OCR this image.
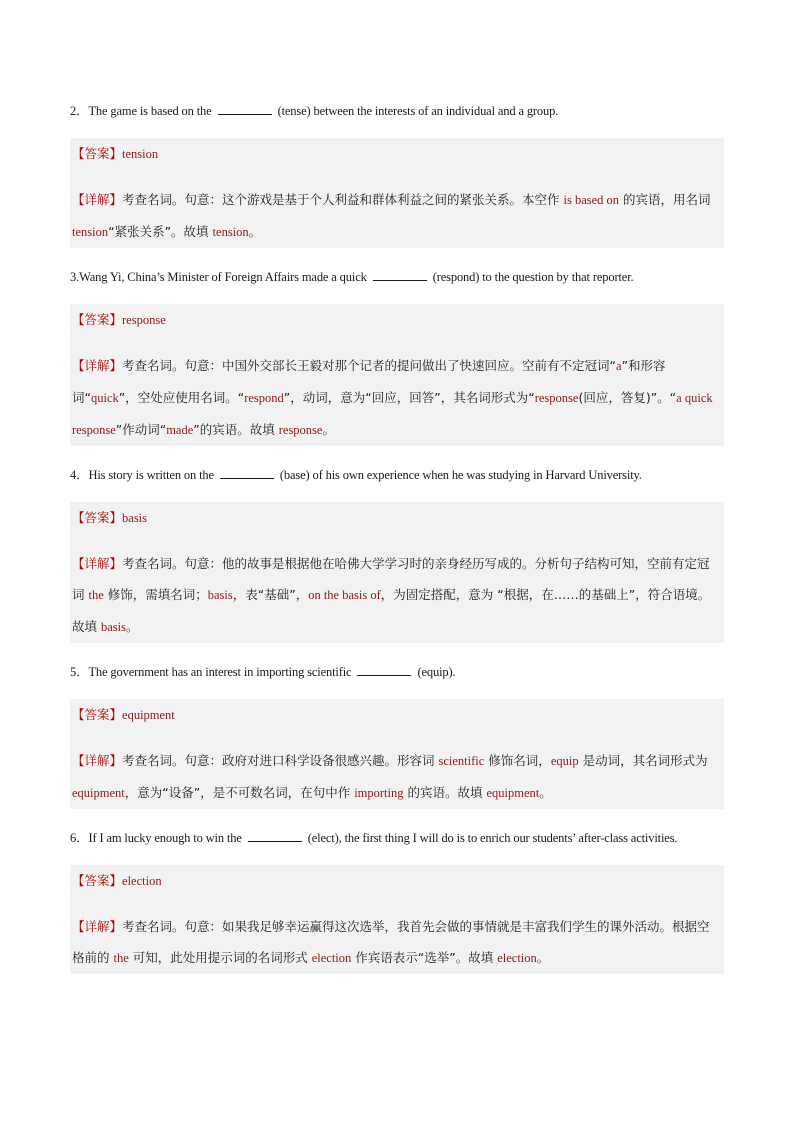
2．The game is based on the	(tense) between the interests of an individual and a group.

【答案】tension
【详解】考查名词。句意：这个游戏是基于个人利益和群体利益之间的紧张关系。本空作 is based on 的宾语，用名词 tension“紧张关系”。故填 tension。

3.Wang Yi, China’s Minister of Foreign Affairs made a quick	(respond) to the question by that reporter.

【答案】response
【详解】考查名词。句意：中国外交部长王毅对那个记者的提问做出了快速回应。空前有不定冠词“a”和形容词“quick”，空处应使用名词。“respond”，动词，意为“回应，回答”，其名词形式为“response(回应，答复)”。“a quick response”作动词“made”的宾语。故填 response。

4．His story is written on the	(base) of his own experience when he was studying in Harvard University.

【答案】basis
【详解】考查名词。句意：他的故事是根据他在哈佛大学学习时的亲身经历写成的。分析句子结构可知，空前有定冠词 the 修饰，需填名词；basis，表“基础”，on the basis of，为固定搭配，意为 “根据，在……的基础上”，符合语境。故填 basis。

5．The government has an interest in importing scientific	(equip).

【答案】equipment
【详解】考查名词。句意：政府对进口科学设备很感兴趣。形容词 scientific 修饰名词，equip 是动词，其名词形式为 equipment，意为“设备”，是不可数名词，在句中作 importing 的宾语。故填 equipment。

6．If I am lucky enough to win the	(elect), the first thing I will do is to enrich our students’ after-class activities.

【答案】election
【详解】考查名词。句意：如果我足够幸运赢得这次选举，我首先会做的事情就是丰富我们学生的课外活动。根据空格前的 the 可知，此处用提示词的名词形式 election 作宾语表示“选举”。故填 election。
